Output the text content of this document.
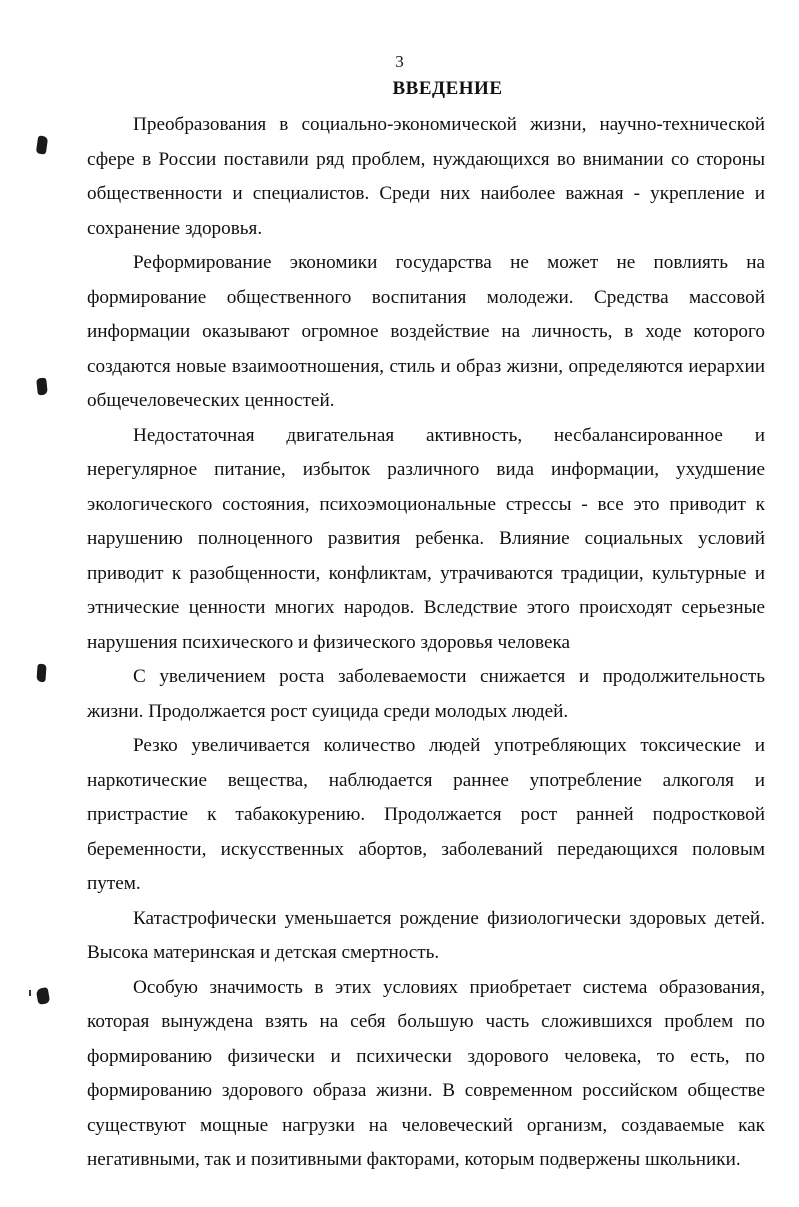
3
ВВЕДЕНИЕ

Преобразования в социально-экономической жизни, научно-технической сфере в России поставили ряд проблем, нуждающихся во внимании со стороны общественности и специалистов. Среди них наиболее важная - укрепление и сохранение здоровья.

Реформирование экономики государства не может не повлиять на формирование общественного воспитания молодежи. Средства массовой информации оказывают огромное воздействие на личность, в ходе которого создаются новые взаимоотношения, стиль и образ жизни, определяются иерархии общечеловеческих ценностей.

Недостаточная двигательная активность, несбалансированное и нерегулярное питание, избыток различного вида информации, ухудшение экологического состояния, психоэмоциональные стрессы - все это приводит к нарушению полноценного развития ребенка. Влияние социальных условий приводит к разобщенности, конфликтам, утрачиваются традиции, культурные и этнические ценности многих народов. Вследствие этого происходят серьезные нарушения психического и физического здоровья человека

С увеличением роста заболеваемости снижается и продолжительность жизни. Продолжается рост суицида среди молодых людей.

Резко увеличивается количество людей употребляющих токсические и наркотические вещества, наблюдается раннее употребление алкоголя и пристрастие к табакокурению. Продолжается рост ранней подростковой беременности, искусственных абортов, заболеваний передающихся половым путем.

Катастрофически уменьшается рождение физиологически здоровых детей. Высока материнская и детская смертность.

Особую значимость в этих условиях приобретает система образования, которая вынуждена взять на себя большую часть сложившихся проблем по формированию физически и психически здорового человека, то есть, по формированию здорового образа жизни. В современном российском обществе существуют мощные нагрузки на человеческий организм, создаваемые как негативными, так и позитивными факторами, которым подвержены школьники.
